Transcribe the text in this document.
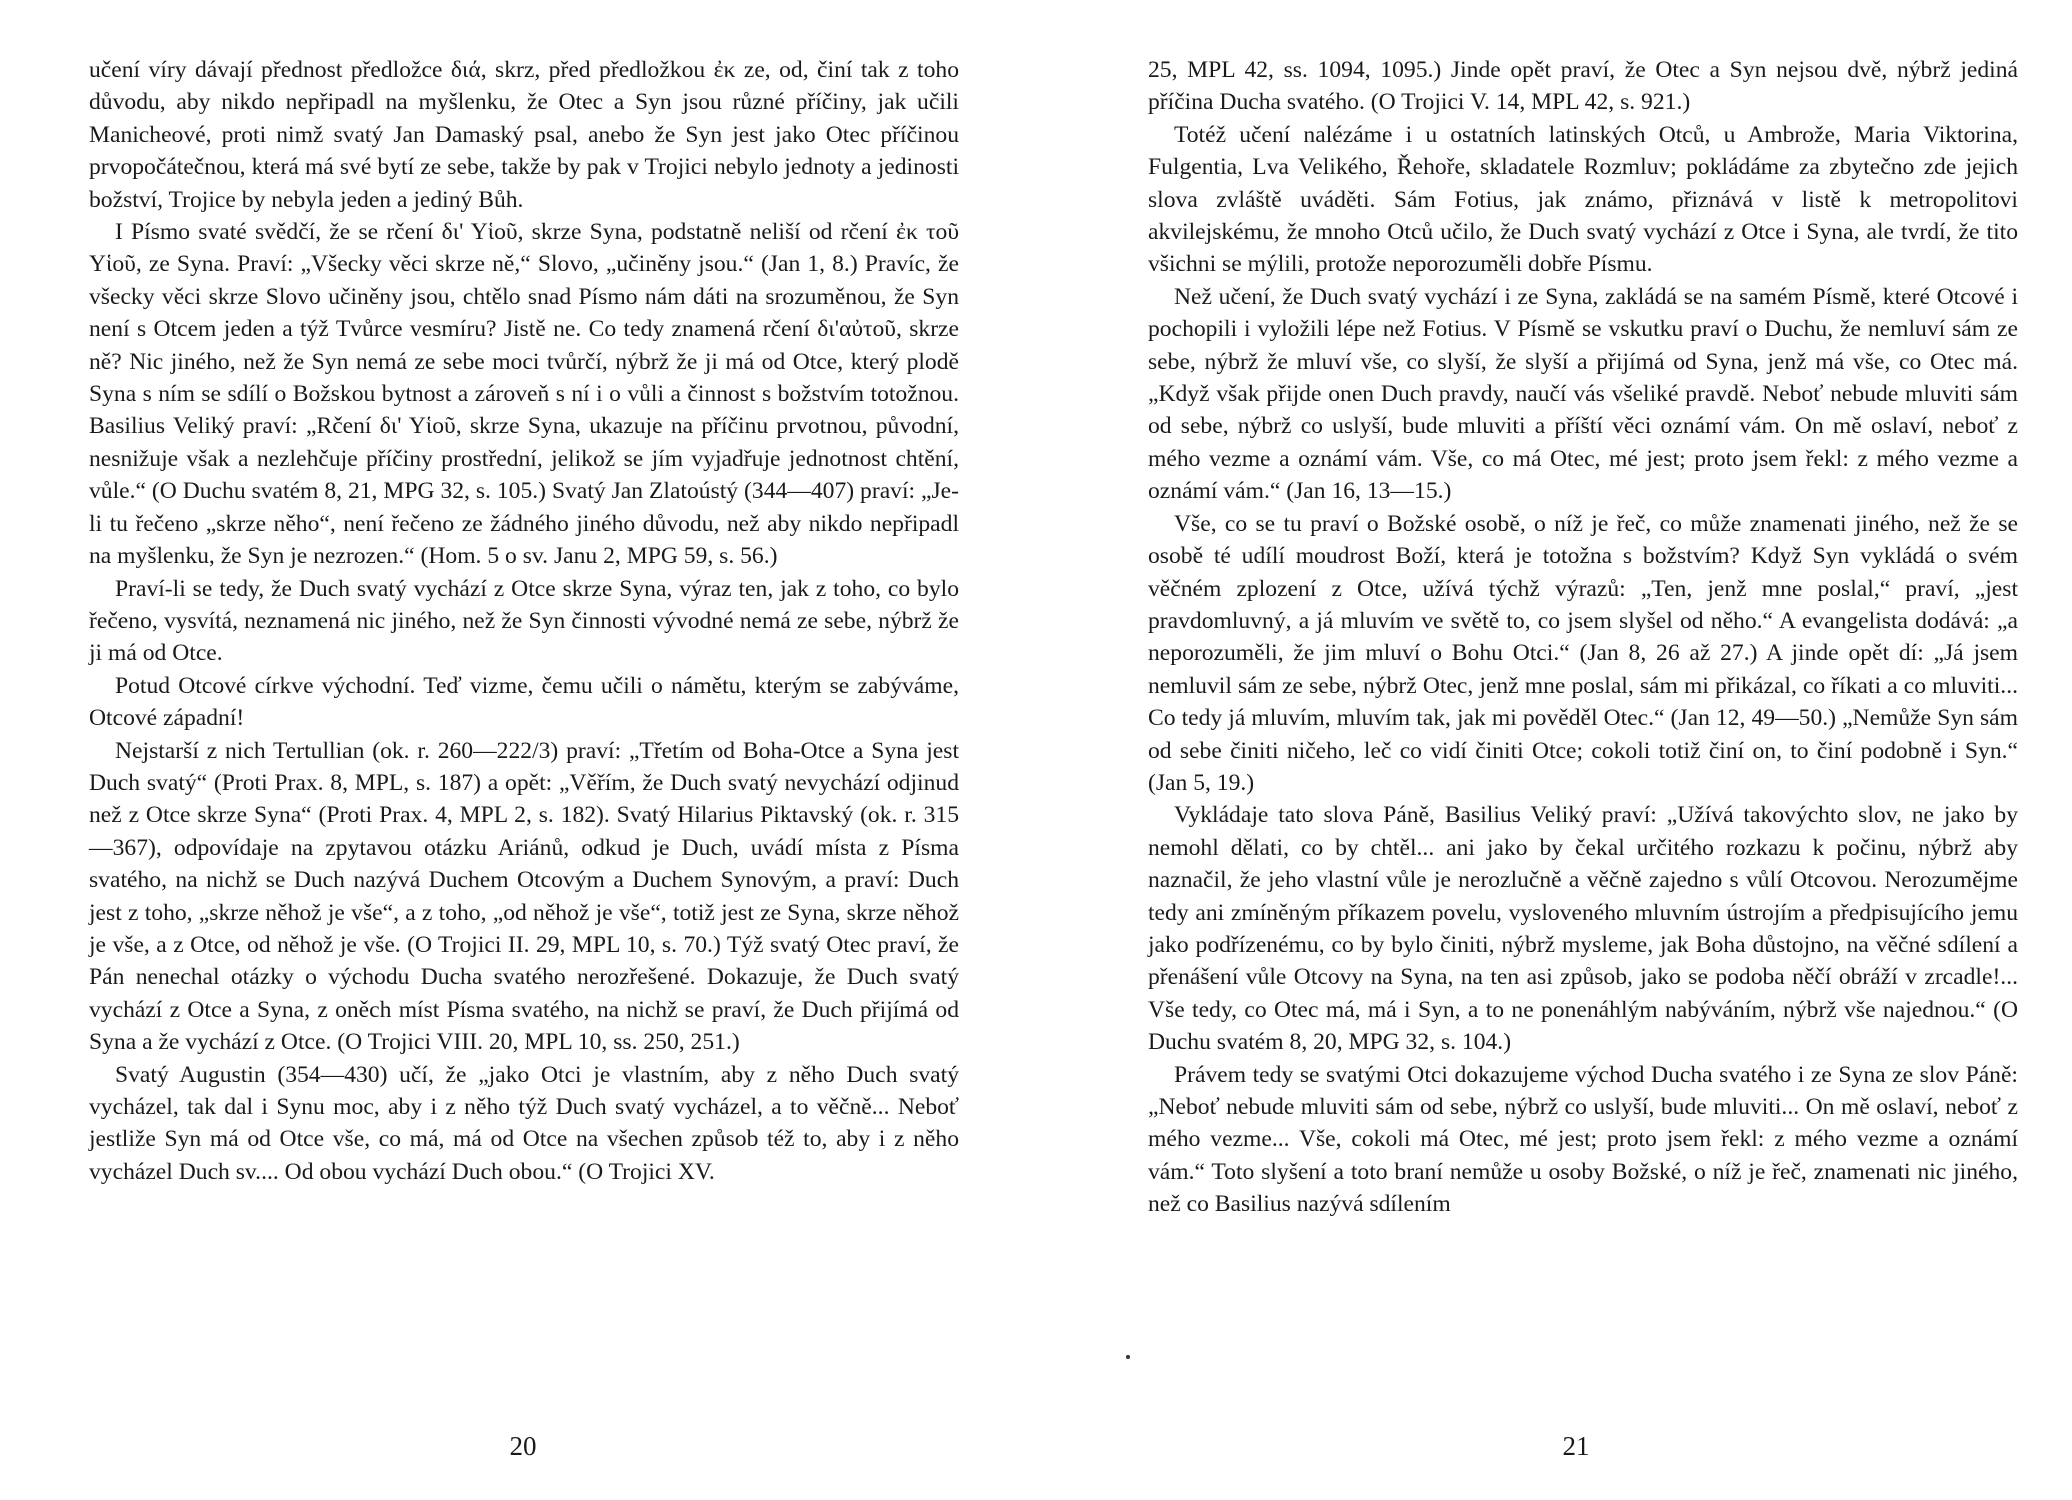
učení víry dávají přednost předložce διά, skrz, před předložkou ἐκ ze, od, činí tak z toho důvodu, aby nikdo nepřipadl na myšlenku, že Otec a Syn jsou různé příčiny, jak učili Manicheové, proti nimž svatý Jan Damaský psal, anebo že Syn jest jako Otec příčinou prvopočátečnou, která má své bytí ze sebe, takže by pak v Trojici nebylo jednoty a jedinosti božství, Trojice by nebyla jeden a jediný Bůh.

I Písmo svaté svědčí, že se rčení δι' Υἱοῦ, skrze Syna, podstatně neliší od rčení ἐκ τοῦ Υἱοῦ, ze Syna. Praví: „Všecky věci skrze ně,“ Slovo, „učiněny jsou.“ (Jan 1, 8.) Pravíc, že všecky věci skrze Slovo učiněny jsou, chtělo snad Písmo nám dáti na srozuměnou, že Syn není s Otcem jeden a týž Tvůrce vesmíru? Jistě ne. Co tedy znamená rčení δι'αὐτοῦ, skrze ně? Nic jiného, než že Syn nemá ze sebe moci tvůrčí, nýbrž že ji má od Otce, který plodě Syna s ním se sdílí o Božskou bytnost a zároveň s ní i o vůli a činnost s božstvím totožnou. Basilius Veliký praví: „Rčení δι' Υἱοῦ, skrze Syna, ukazuje na příčinu prvotnou, původní, nesnižuje však a nezlehčuje příčiny prostřední, jelikož se jím vyjadřuje jednotnost chtění, vůle.“ (O Duchu svatém 8, 21, MPG 32, s. 105.) Svatý Jan Zlatoústý (344—407) praví: „Je-li tu řečeno „skrze něho“, není řečeno ze žádného jiného důvodu, než aby nikdo nepřipadl na myšlenku, že Syn je nezrozen.“ (Hom. 5 o sv. Janu 2, MPG 59, s. 56.)

Praví-li se tedy, že Duch svatý vychází z Otce skrze Syna, výraz ten, jak z toho, co bylo řečeno, vysvítá, neznamená nic jiného, než že Syn činnosti vývodné nemá ze sebe, nýbrž že ji má od Otce.

Potud Otcové církve východní. Teď vizme, čemu učili o námětu, kterým se zabýváme, Otcové západní!

Nejstarší z nich Tertullian (ok. r. 260—222/3) praví: „Třetím od Boha-Otce a Syna jest Duch svatý“ (Proti Prax. 8, MPL, s. 187) a opět: „Věřím, že Duch svatý nevychází odjinud než z Otce skrze Syna“ (Proti Prax. 4, MPL 2, s. 182). Svatý Hilarius Piktavský (ok. r. 315—367), odpovídaje na zpytavou otázku Ariánů, odkud je Duch, uvádí místa z Písma svatého, na nichž se Duch nazývá Duchem Otcovým a Duchem Synovým, a praví: Duch jest z toho, „skrze něhož je vše“, a z toho, „od něhož je vše“, totiž jest ze Syna, skrze něhož je vše, a z Otce, od něhož je vše. (O Trojici II. 29, MPL 10, s. 70.) Týž svatý Otec praví, že Pán nenechal otázky o východu Ducha svatého nerozřešené. Dokazuje, že Duch svatý vychází z Otce a Syna, z oněch míst Písma svatého, na nichž se praví, že Duch přijímá od Syna a že vychází z Otce. (O Trojici VIII. 20, MPL 10, ss. 250, 251.)

Svatý Augustin (354—430) učí, že „jako Otci je vlastním, aby z něho Duch svatý vycházel, tak dal i Synu moc, aby i z něho týž Duch svatý vycházel, a to věčně... Neboť jestliže Syn má od Otce vše, co má, má od Otce na všechen způsob též to, aby i z něho vycházel Duch sv.... Od obou vychází Duch obou.“ (O Trojici XV.

20

25, MPL 42, ss. 1094, 1095.) Jinde opět praví, že Otec a Syn nejsou dvě, nýbrž jediná příčina Ducha svatého. (O Trojici V. 14, MPL 42, s. 921.)

Totéž učení nalézáme i u ostatních latinských Otců, u Ambrože, Maria Viktorina, Fulgentia, Lva Velikého, Řehoře, skladatele Rozmluv; pokládáme za zbytečno zde jejich slova zvláště uváděti. Sám Fotius, jak známo, přiznává v listě k metropolitovi akvilejskému, že mnoho Otců učilo, že Duch svatý vychází z Otce i Syna, ale tvrdí, že tito všichni se mýlili, protože neporozuměli dobře Písmu.

Než učení, že Duch svatý vychází i ze Syna, zakládá se na samém Písmě, které Otcové i pochopili i vyložili lépe než Fotius. V Písmě se vskutku praví o Duchu, že nemluví sám ze sebe, nýbrž že mluví vše, co slyší, že slyší a přijímá od Syna, jenž má vše, co Otec má. „Když však přijde onen Duch pravdy, naučí vás všeliké pravdě. Neboť nebude mluviti sám od sebe, nýbrž co uslyší, bude mluviti a příští věci oznámí vám. On mě oslaví, neboť z mého vezme a oznámí vám. Vše, co má Otec, mé jest; proto jsem řekl: z mého vezme a oznámí vám.“ (Jan 16, 13—15.)

Vše, co se tu praví o Božské osobě, o níž je řeč, co může znamenati jiného, než že se osobě té udílí moudrost Boží, která je totožna s božstvím? Když Syn vykládá o svém věčném zplození z Otce, užívá týchž výrazů: „Ten, jenž mne poslal,“ praví, „jest pravdomluvný, a já mluvím ve světě to, co jsem slyšel od něho.“ A evangelista dodává: „a neporozuměli, že jim mluví o Bohu Otci.“ (Jan 8, 26 až 27.) A jinde opět dí: „Já jsem nemluvil sám ze sebe, nýbrž Otec, jenž mne poslal, sám mi přikázal, co říkati a co mluviti... Co tedy já mluvím, mluvím tak, jak mi pověděl Otec.“ (Jan 12, 49—50.) „Nemůže Syn sám od sebe činiti ničeho, leč co vidí činiti Otce; cokoli totiž činí on, to činí podobně i Syn.“ (Jan 5, 19.)

Vykládaje tato slova Páně, Basilius Veliký praví: „Užívá takovýchto slov, ne jako by nemohl dělati, co by chtěl... ani jako by čekal určitého rozkazu k počinu, nýbrž aby naznačil, že jeho vlastní vůle je nerozlučně a věčně zajedno s vůlí Otcovou. Nerozumějme tedy ani zmíněným příkazem povelu, vysloveného mluvním ústrojím a předpisujícího jemu jako podřízenému, co by bylo činiti, nýbrž mysleme, jak Boha důstojno, na věčné sdílení a přenášení vůle Otcovy na Syna, na ten asi způsob, jako se podoba něčí obráží v zrcadle!... Vše tedy, co Otec má, má i Syn, a to ne ponenáhlým nabýváním, nýbrž vše najednou.“ (O Duchu svatém 8, 20, MPG 32, s. 104.)

Právem tedy se svatými Otci dokazujeme východ Ducha svatého i ze Syna ze slov Páně: „Neboť nebude mluviti sám od sebe, nýbrž co uslyší, bude mluviti... On mě oslaví, neboť z mého vezme... Vše, cokoli má Otec, mé jest; proto jsem řekl: z mého vezme a oznámí vám.“ Toto slyšení a toto braní nemůže u osoby Božské, o níž je řeč, znamenati nic jiného, než co Basilius nazývá sdílením

21
